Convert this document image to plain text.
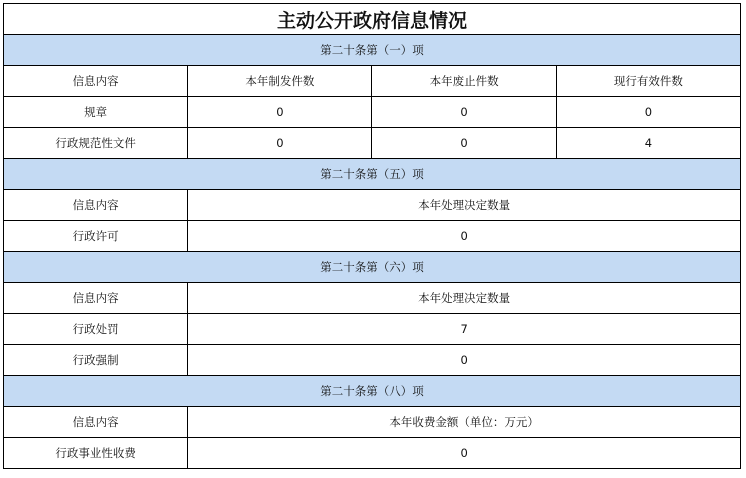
主动公开政府信息情况			
第二十条第（一）项			
信息内容	本年制发件数	本年废止件数	现行有效件数
规章	0	0	0
行政规范性文件	0	0	4
第二十条第（五）项			
信息内容	本年处理决定数量		
行政许可	0		
第二十条第（六）项			
信息内容	本年处理决定数量		
行政处罚	7		
行政强制	0		
第二十条第（八）项			
信息内容	本年收费金额（单位：万元）		
行政事业性收费	0		
